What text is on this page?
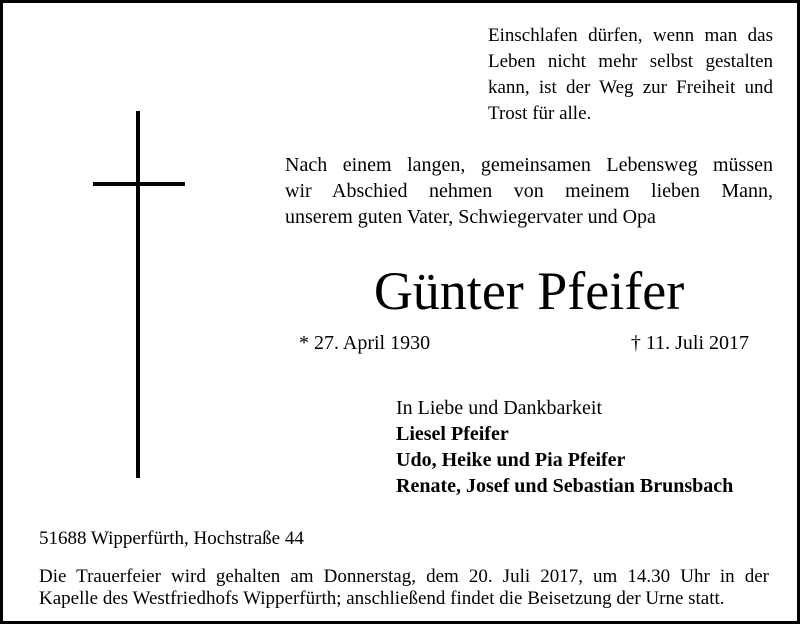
Einschlafen dürfen, wenn man das
Leben nicht mehr selbst gestalten
kann, ist der Weg zur Freiheit und
Trost für alle.
Nach einem langen, gemeinsamen Lebensweg müssen
wir Abschied nehmen von meinem lieben Mann,
unserem guten Vater, Schwiegervater und Opa
Günter Pfeifer
* 27. April 1930	† 11. Juli 2017
In Liebe und Dankbarkeit
Liesel Pfeifer
Udo, Heike und Pia Pfeifer
Renate, Josef und Sebastian Brunsbach
51688 Wipperfürth, Hochstraße 44
Die Trauerfeier wird gehalten am Donnerstag, dem 20. Juli 2017, um 14.30 Uhr in der
Kapelle des Westfriedhofs Wipperfürth; anschließend findet die Beisetzung der Urne statt.
